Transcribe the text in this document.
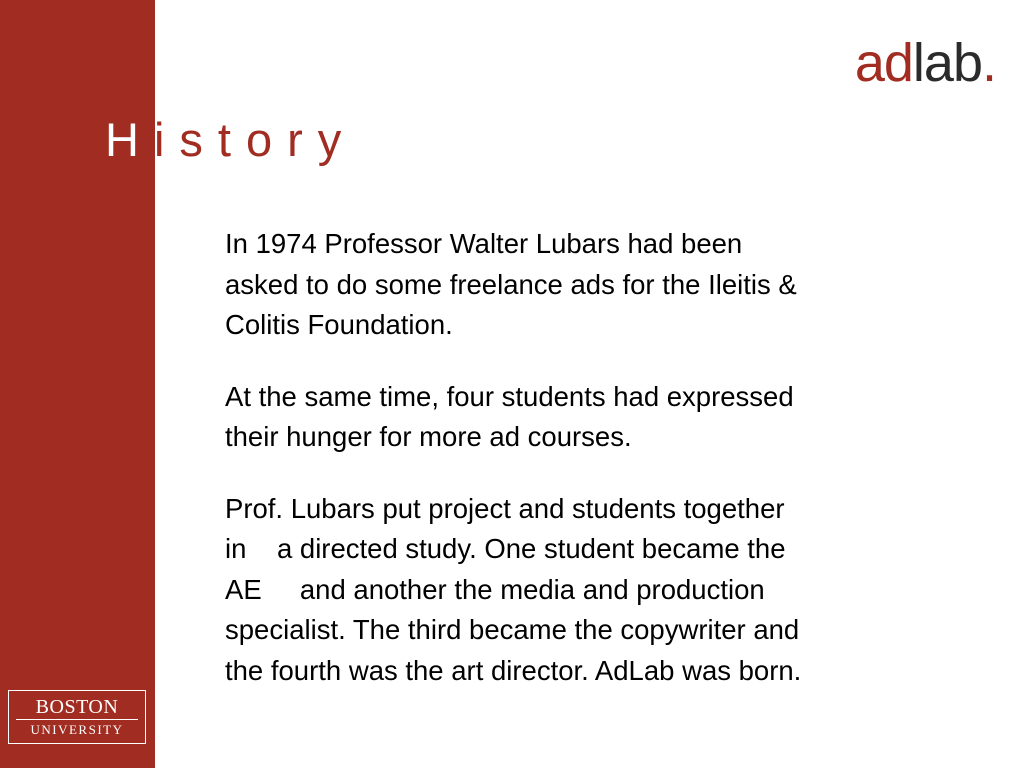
History
adlab.

In 1974 Professor Walter Lubars had been
asked to do some freelance ads for the Ileitis &
Colitis Foundation.

At the same time, four students had expressed
their hunger for more ad courses.

Prof. Lubars put project and students together
in    a directed study. One student became the
AE     and another the media and production
specialist. The third became the copywriter and
the fourth was the art director. AdLab was born.

BOSTON
UNIVERSITY
